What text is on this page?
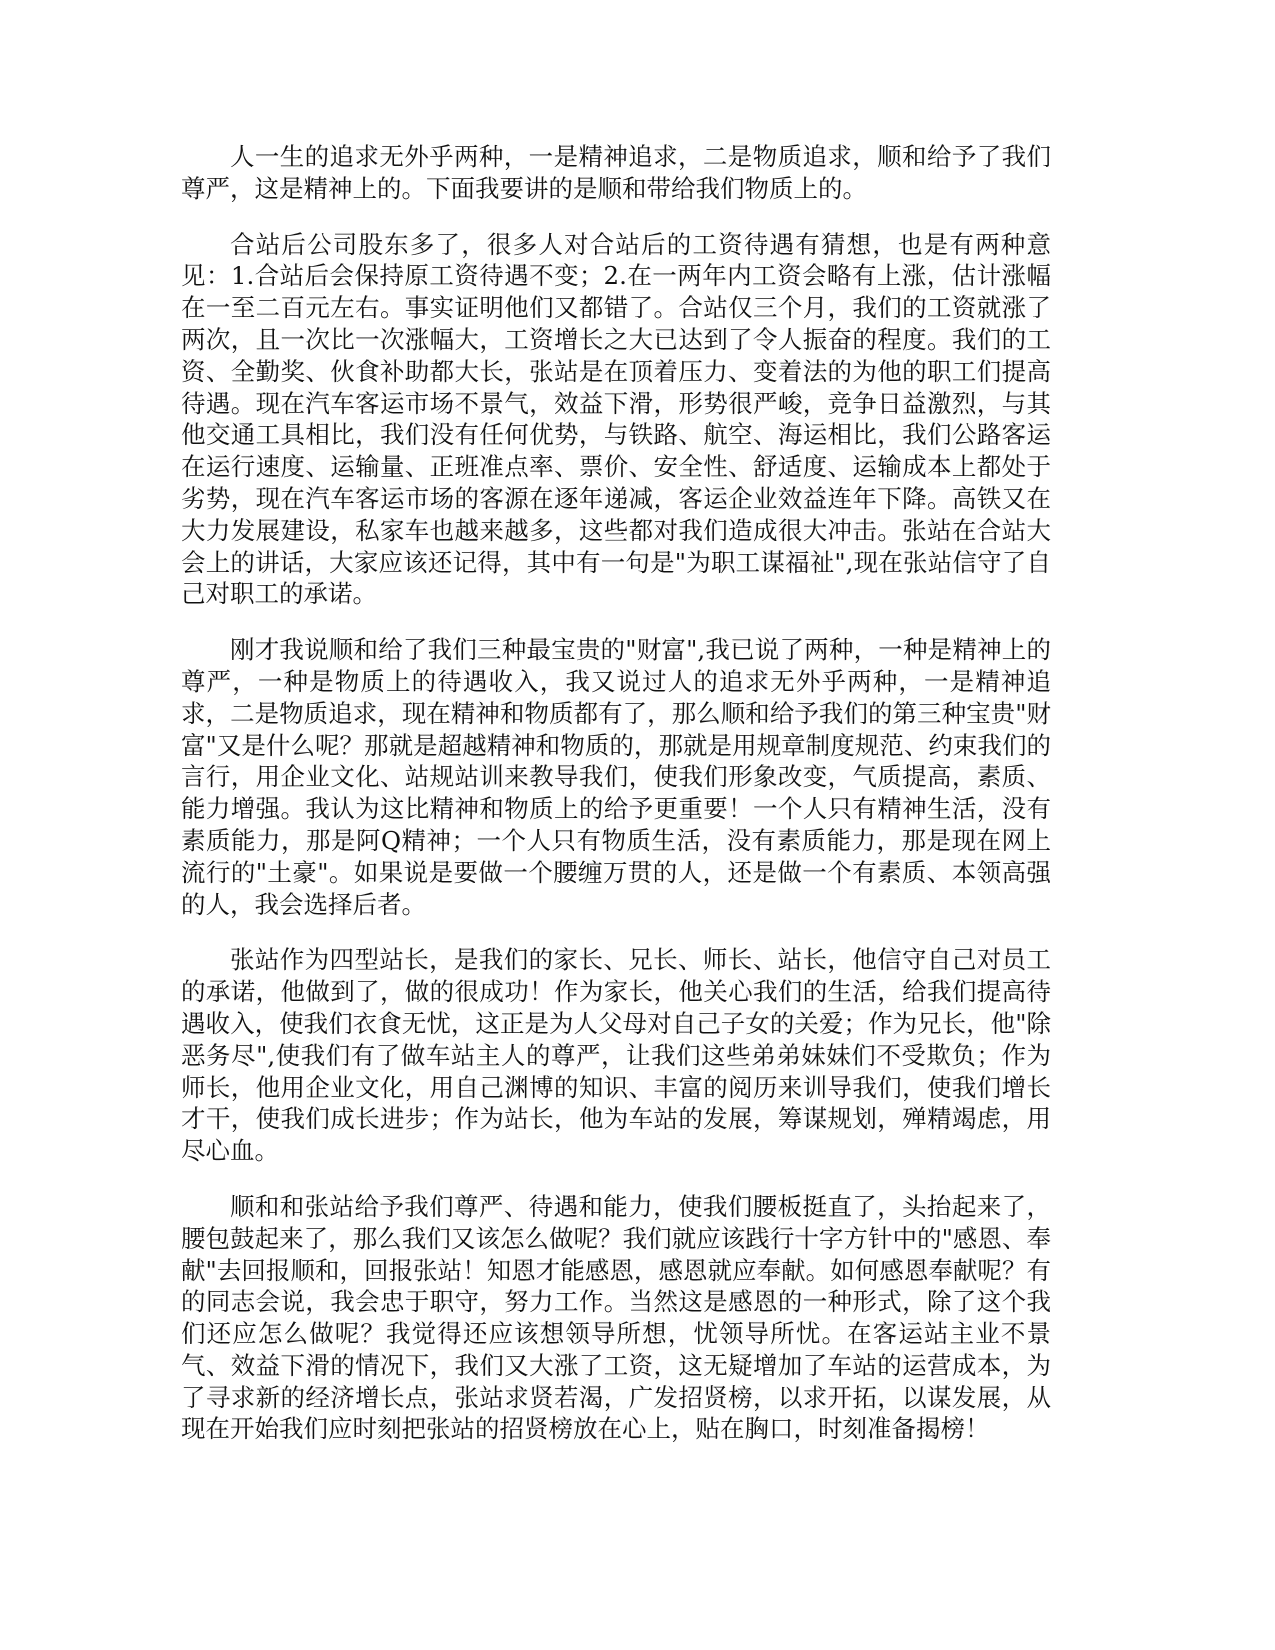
人一生的追求无外乎两种，一是精神追求，二是物质追求，顺和给予了我们尊严，这是精神上的。下面我要讲的是顺和带给我们物质上的。

合站后公司股东多了，很多人对合站后的工资待遇有猜想，也是有两种意见：1.合站后会保持原工资待遇不变；2.在一两年内工资会略有上涨，估计涨幅在一至二百元左右。事实证明他们又都错了。合站仅三个月，我们的工资就涨了两次，且一次比一次涨幅大，工资增长之大已达到了令人振奋的程度。我们的工资、全勤奖、伙食补助都大长，张站是在顶着压力、变着法的为他的职工们提高待遇。现在汽车客运市场不景气，效益下滑，形势很严峻，竞争日益激烈，与其他交通工具相比，我们没有任何优势，与铁路、航空、海运相比，我们公路客运在运行速度、运输量、正班准点率、票价、安全性、舒适度、运输成本上都处于劣势，现在汽车客运市场的客源在逐年递减，客运企业效益连年下降。高铁又在大力发展建设，私家车也越来越多，这些都对我们造成很大冲击。张站在合站大会上的讲话，大家应该还记得，其中有一句是"为职工谋福祉",现在张站信守了自己对职工的承诺。

刚才我说顺和给了我们三种最宝贵的"财富",我已说了两种，一种是精神上的尊严，一种是物质上的待遇收入，我又说过人的追求无外乎两种，一是精神追求，二是物质追求，现在精神和物质都有了，那么顺和给予我们的第三种宝贵"财富"又是什么呢？那就是超越精神和物质的，那就是用规章制度规范、约束我们的言行，用企业文化、站规站训来教导我们，使我们形象改变，气质提高，素质、能力增强。我认为这比精神和物质上的给予更重要！一个人只有精神生活，没有素质能力，那是阿Q精神；一个人只有物质生活，没有素质能力，那是现在网上流行的"土豪"。如果说是要做一个腰缠万贯的人，还是做一个有素质、本领高强的人，我会选择后者。

张站作为四型站长，是我们的家长、兄长、师长、站长，他信守自己对员工的承诺，他做到了，做的很成功！作为家长，他关心我们的生活，给我们提高待遇收入，使我们衣食无忧，这正是为人父母对自己子女的关爱；作为兄长，他"除恶务尽",使我们有了做车站主人的尊严，让我们这些弟弟妹妹们不受欺负；作为师长，他用企业文化，用自己渊博的知识、丰富的阅历来训导我们，使我们增长才干，使我们成长进步；作为站长，他为车站的发展，筹谋规划，殚精竭虑，用尽心血。

顺和和张站给予我们尊严、待遇和能力，使我们腰板挺直了，头抬起来了，腰包鼓起来了，那么我们又该怎么做呢？我们就应该践行十字方针中的"感恩、奉献"去回报顺和，回报张站！知恩才能感恩，感恩就应奉献。如何感恩奉献呢？有的同志会说，我会忠于职守，努力工作。当然这是感恩的一种形式，除了这个我们还应怎么做呢？我觉得还应该想领导所想，忧领导所忧。在客运站主业不景气、效益下滑的情况下，我们又大涨了工资，这无疑增加了车站的运营成本，为了寻求新的经济增长点，张站求贤若渴，广发招贤榜，以求开拓，以谋发展，从现在开始我们应时刻把张站的招贤榜放在心上，贴在胸口，时刻准备揭榜！
